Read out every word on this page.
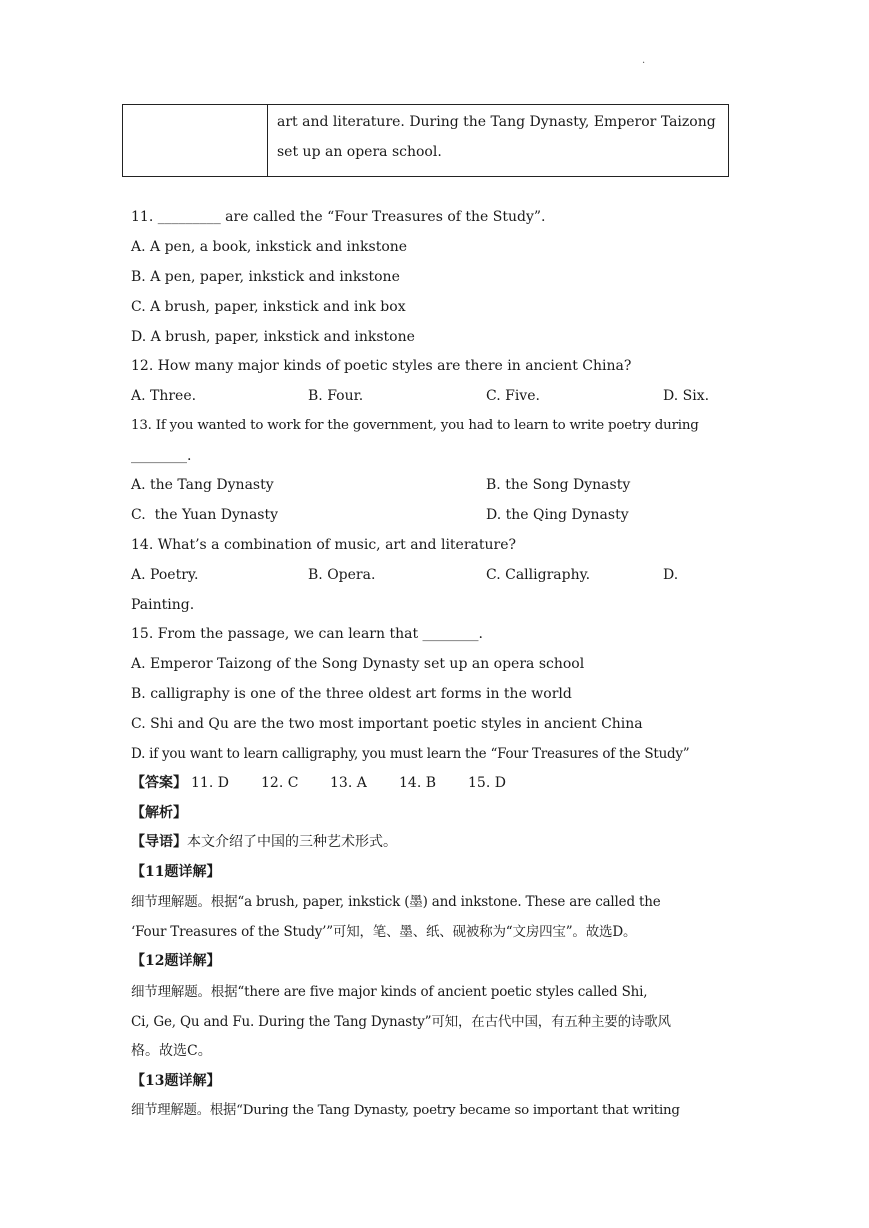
.
art and literature. During the Tang Dynasty, Emperor Taizong
set up an opera school.
11. _________ are called the “Four Treasures of the Study”.
A. A pen, a book, inkstick and inkstone
B. A pen, paper, inkstick and inkstone
C. A brush, paper, inkstick and ink box
D. A brush, paper, inkstick and inkstone
12. How many major kinds of poetic styles are there in ancient China?
A. Three.	B. Four.	C. Five.	D. Six.
13. If you wanted to work for the government, you had to learn to write poetry during
________.
A. the Tang Dynasty	B. the Song Dynasty
C.  the Yuan Dynasty	D. the Qing Dynasty
14. What’s a combination of music, art and literature?
A. Poetry.	B. Opera.	C. Calligraphy.	D.
Painting.
15. From the passage, we can learn that ________.
A. Emperor Taizong of the Song Dynasty set up an opera school
B. calligraphy is one of the three oldest art forms in the world
C. Shi and Qu are the two most important poetic styles in ancient China
D. if you want to learn calligraphy, you must learn the “Four Treasures of the Study”
【答案】 11. D 12. C 13. A 14. B 15. D
【解析】
【导语】本文介绍了中国的三种艺术形式。
【11题详解】
细节理解题。根据“a brush, paper, inkstick (墨) and inkstone. These are called the
‘Four Treasures of the Study’”可知，笔、墨、纸、砚被称为“文房四宝”。故选D。
【12题详解】
细节理解题。根据“there are five major kinds of ancient poetic styles called Shi,
Ci, Ge, Qu and Fu. During the Tang Dynasty”可知，在古代中国，有五种主要的诗歌风
格。故选C。
【13题详解】
细节理解题。根据“During the Tang Dynasty, poetry became so important that writing
